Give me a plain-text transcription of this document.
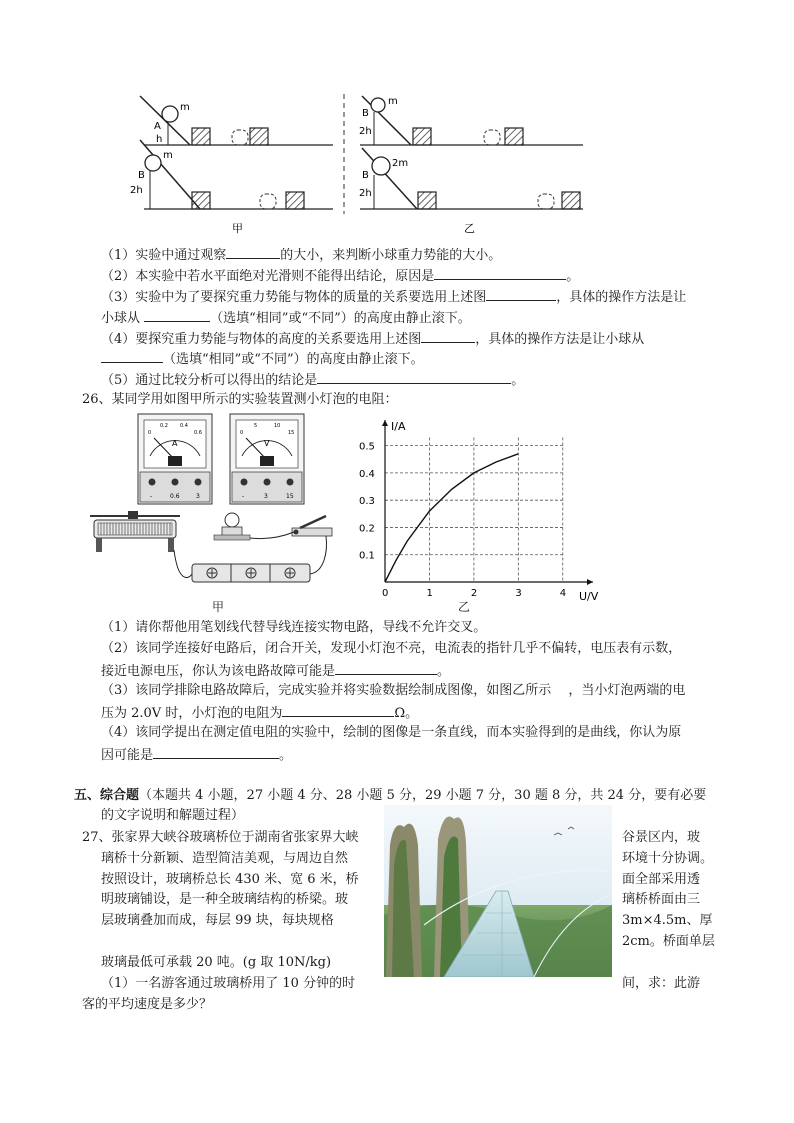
A
h
m
B
2h
m
甲
B
2h
m
B
2h
2m
乙
（1）实验中通过观察	的大小，来判断小球重力势能的大小。
（2）本实验中若水平面绝对光滑则不能得出结论，原因是	。
（3）实验中为了要探究重力势能与物体的质量的关系要选用上述图	，具体的操作方法是让
小球从	（选填“相同”或“不同”）的高度由静止滚下。
（4）要探究重力势能与物体的高度的关系要选用上述图	，具体的操作方法是让小球从
（选填“相同”或“不同”）的高度由静止滚下。
（5）通过比较分析可以得出的结论是	。
26、某同学用如图甲所示的实验装置测小灯泡的电阻：
A
0
0.2 0.4
0.6
-	0.6	3
V
0
5	10
15
-	3	15
甲
0	1	2	3	4
0.1
0.2
0.3
0.4
0.5
I/A
U/V
乙
（1）请你帮他用笔划线代替导线连接实物电路，导线不允许交叉。
（2）该同学连接好电路后，闭合开关，发现小灯泡不亮，电流表的指针几乎不偏转，电压表有示数，
接近电源电压，你认为该电路故障可能是	。
（3）该同学排除电路故障后，完成实验并将实验数据绘制成图像，如图乙所示　 ，当小灯泡两端的电
压为 2.0V 时，小灯泡的电阻为	Ω。
（4）该同学提出在测定值电阻的实验中，绘制的图像是一条直线，而本实验得到的是曲线，你认为原
因可能是	。
五、综合题（本题共 4 小题，27 小题 4 分、28 小题 5 分，29 小题 7 分，30 题 8 分，共 24 分，要有必要
的文字说明和解题过程）
27、张家界大峡谷玻璃桥位于湖南省张家界大峡	谷景区内，玻
璃桥十分新颖、造型简洁美观，与周边自然	环境十分协调。
按照设计，玻璃桥总长 430 米、宽 6 米，桥	面全部采用透
明玻璃铺设，是一种全玻璃结构的桥梁。玻	璃桥桥面由三
层玻璃叠加而成，每层 99 块，每块规格	3m×4.5m、厚
2cm。桥面单层
玻璃最低可承载 20 吨。(g 取 10N/kg)
（1）一名游客通过玻璃桥用了 10 分钟的时	间，求：此游
客的平均速度是多少？
